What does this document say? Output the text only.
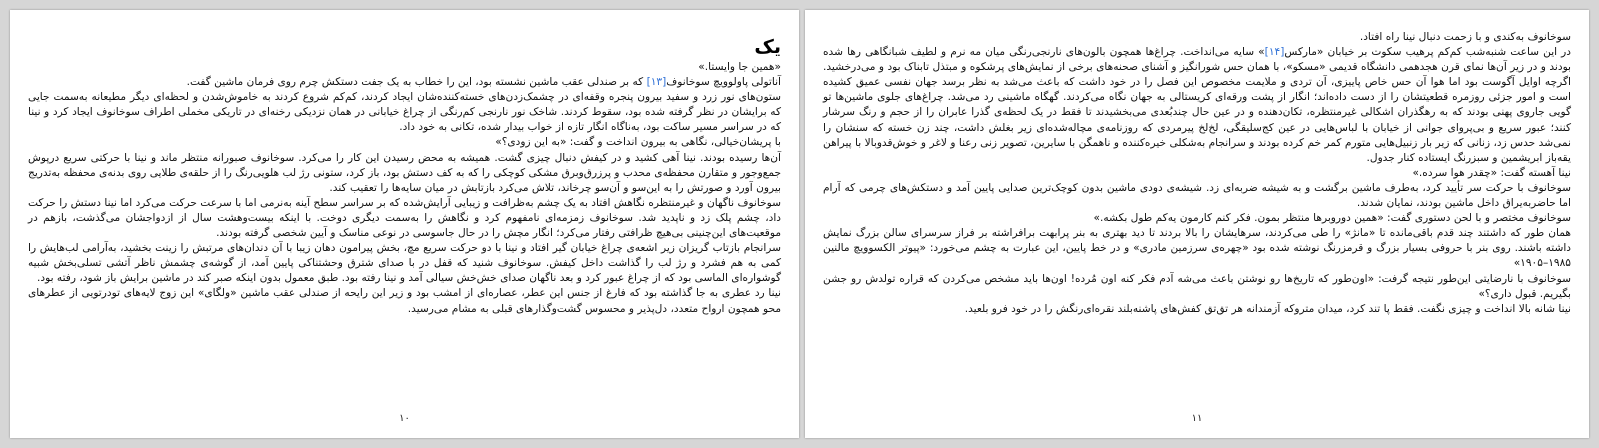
یک

«همین جا وایستا.»

آناتولی پاولوویچ سوخانوف[۱۳] که بر صندلی عقب ماشین نشسته بود، این را خطاب به یک جفت دستکش چرم روی فرمان ماشین گفت.

ستون‌های نور زرد و سفید بیرون پنجره وقفه‌ای در چشمک‌زدن‌های خسته‌کننده‌شان ایجاد کردند، کم‌کم شروع کردند به خاموش‌شدن و لحظه‌ای دیگر مطیعانه به‌سمت جایی که برایشان در نظر گرفته شده بود، سقوط کردند. شاخک نور نارنجی کم‌رنگی از چراغ خیابانی در همان نزدیکی رخنه‌ای در تاریکی مخملی اطراف سوخانوف ایجاد کرد و نینا که در سراسر مسیر ساکت بود، به‌ناگاه انگار تازه از خواب بیدار شده، تکانی به خود داد.

با پریشان‌خیالی، نگاهی به بیرون انداخت و گفت: «به این زودی؟»

آن‌ها رسیده بودند. نینا آهی کشید و در کیفش دنبال چیزی گشت. همیشه به محض رسیدن این کار را می‌کرد. سوخانوف صبورانه منتظر ماند و نینا با حرکتی سریع درپوش جمع‌وجور و متقارن محفظه‌ی محدب و پرزرق‌وبرق مشکی کوچکی را که به کف دستش بود، باز کرد، ستونی رژ لب هلویی‌رنگ را از حلقه‌ی طلایی روی بدنه‌ی محفظه به‌تدریج بیرون آورد و صورتش را به این‌سو و آن‌سو چرخاند، تلاش می‌کرد بازتابش در میان سایه‌ها را تعقیب کند.

سوخانوف ناگهان و غیرمنتظره نگاهش افتاد به یک چشم به‌ظرافت و زیبایی آرایش‌شده که بر سراسر سطح آینه به‌نرمی اما با سرعت حرکت می‌کرد اما نینا دستش را حرکت داد، چشم پلک زد و ناپدید شد. سوخانوف زمزمه‌ای نامفهوم کرد و نگاهش را به‌سمت دیگری دوخت. با اینکه بیست‌وهشت سال از ازدواجشان می‌گذشت، بازهم در موقعیت‌های این‌چنینی بی‌هیچ ظرافتی رفتار می‌کرد؛ انگار مچش را در حال جاسوسی در نوعی مناسک و آیین شخصی گرفته بودند.

سرانجام بازتاب گریزان زیر اشعه‌ی چراغ خیابان گیر افتاد و نینا با دو حرکت سریع مچ، بخش پیرامون دهان زیبا با آن دندان‌های مرتبش را زینت بخشید، به‌آرامی لب‌هایش را کمی به هم فشرد و رژ لب را گذاشت داخل کیفش. سوخانوف شنید که قفل در با صدای شترق وحشتناکی پایین آمد، از گوشه‌ی چشمش ناظر آتشی تسلی‌بخش شبیه گوشواره‌ای الماسی بود که از چراغ عبور کرد و بعد ناگهان صدای خش‌خش سیالی آمد و نینا رفته بود. طبق معمول بدون اینکه صبر کند در ماشین برایش باز شود، رفته بود.

نینا رد عطری به جا گذاشته بود که فارغ از جنس این عطر، عصاره‌ای از امشب بود و زیر این رایحه از صندلی عقب ماشین «ولگای» این زوج لایه‌های تودرتویی از عطرهای محو همچون ارواح متعدد، دل‌پذیر و محسوس گشت‌وگذارهای قبلی به مشام می‌رسید.

۱۰

سوخانوف به‌کندی و با زحمت دنبال نینا راه افتاد.

در این ساعت شنبه‌شب کم‌کم پرهیب سکوت بر خیابان «مارکس[۱۴]» سایه می‌انداخت. چراغ‌ها همچون بالون‌های نارنجی‌رنگی میان مه نرم و لطیف شبانگاهی رها شده بودند و در زیر آن‌ها نمای قرن هجدهمی دانشگاه قدیمی «مسکو»، با همان حس شورانگیز و آشنای صحنه‌های برخی از نمایش‌های پرشکوه و مبتذل تابناک بود و می‌درخشید. اگرچه اوایل آگوست بود اما هوا آن حس خاص پاییزی، آن تردی و ملایمت مخصوص این فصل را در خود داشت که باعث می‌شد به نظر برسد جهان نفسی عمیق کشیده است و امور جزئی روزمره قطعیتشان را از دست داده‌اند؛ انگار از پشت ورقه‌ای کریستالی به جهان نگاه می‌کردند. گهگاه ماشینی رد می‌شد. چراغ‌های جلوی ماشین‌ها تو گویی جاروی پهنی بودند که به رهگذران اشکالی غیرمنتظره، تکان‌دهنده و در عین حال چندبُعدی می‌بخشیدند تا فقط در یک لحظه‌ی گذرا عابران را از حجم و رنگ سرشار کنند؛ عبور سریع و بی‌پروای جوانی از خیابان با لباس‌هایی در عین کج‌سلیقگی، لخ‌لخ پیرمردی که روزنامه‌ی مچاله‌شده‌ای زیر بغلش داشت، چند زن خسته که سنشان را نمی‌شد حدس زد، زنانی که زیر بار زنبیل‌هایی متورم کمر خم کرده بودند و سرانجام به‌شکلی خیره‌کننده و ناهمگن با سایرین، تصویر زنی رعنا و لاغر و خوش‌قدوبالا با پیراهن یقه‌باز ابریشمین و سبزرنگ ایستاده کنار جدول.

نینا آهسته گفت: «چقدر هوا سرده.»

سوخانوف با حرکت سر تأیید کرد، به‌طرف ماشین برگشت و به شیشه ضربه‌ای زد. شیشه‌ی دودی ماشین بدون کوچک‌ترین صدایی پایین آمد و دستکش‌های چرمی که آرام اما حاضربه‌یراق داخل ماشین بودند، نمایان شدند.

سوخانوف مختصر و با لحن دستوری گفت: «همین دوروبرها منتظر بمون. فکر کنم کارمون یه‌کم طول بکشه.»

همان طور که داشتند چند قدم باقی‌مانده تا «مانژ» را طی می‌کردند، سرهایشان را بالا بردند تا دید بهتری به بنر پرابهت برافراشته بر فراز سرسرای سالن بزرگ نمایش داشته باشند. روی بنر با حروفی بسیار بزرگ و قرمزرنگ نوشته شده بود «چهره‌ی سرزمین مادری» و در خط پایین، این عبارت به چشم می‌خورد: «پیوتر الکسوویچ مالنین ۱۹۸۵–۱۹۰۵»

سوخانوف با نارضایتی این‌طور نتیجه گرفت: «اون‌طور که تاریخ‌ها رو نوشتن باعث می‌شه آدم فکر کنه اون مُرده! اون‌ها باید مشخص می‌کردن که قراره تولدش رو جشن بگیریم. قبول داری؟»

نینا شانه بالا انداخت و چیزی نگفت. فقط پا تند کرد، میدان متروکه آزمندانه هر تق‌تق کفش‌های پاشنه‌بلند نقره‌ای‌رنگش را در خود فرو بلعید.

۱۱
